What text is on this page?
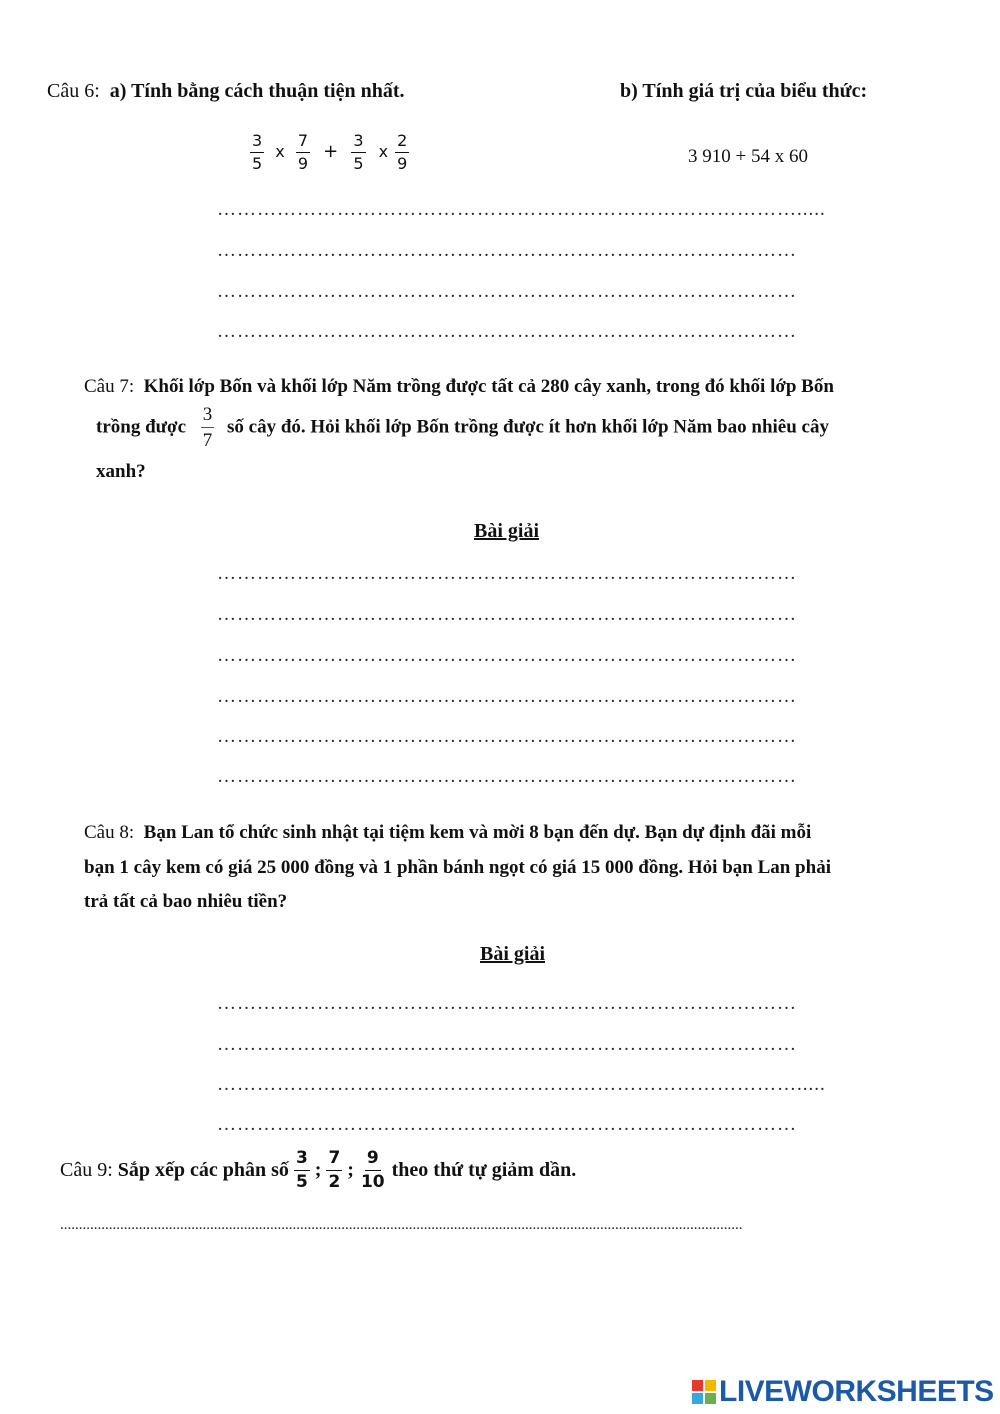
Câu 6: a) Tính bằng cách thuận tiện nhất.	b) Tính giá trị của biểu thức:
$\frac{3}{5}$ x $\frac{7}{9} + \frac{3}{5}$ x $\frac{2}{9}$	3 910 + 54 x 60
…………………………………………………………………………….....
……………………………………………………………………………
……………………………………………………………………………
……………………………………………………………………………
Câu 7: Khối lớp Bốn và khối lớp Năm trồng được tất cả 280 cây xanh, trong đó khối lớp Bốn
trồng được $\frac{3}{7}$ số cây đó. Hỏi khối lớp Bốn trồng được ít hơn khối lớp Năm bao nhiêu cây
xanh?
Bài giải
……………………………………………………………………………
……………………………………………………………………………
……………………………………………………………………………
……………………………………………………………………………
……………………………………………………………………………
……………………………………………………………………………
Câu 8: Bạn Lan tổ chức sinh nhật tại tiệm kem và mời 8 bạn đến dự. Bạn dự định đãi mỗi
bạn 1 cây kem có giá 25 000 đồng và 1 phần bánh ngọt có giá 15 000 đồng. Hỏi bạn Lan phải
trả tất cả bao nhiêu tiền?
Bài giải
……………………………………………………………………………
……………………………………………………………………………
…………………………………………………………………………….....
……………………………………………………………………………
Câu 9: Sắp xếp các phân số $\frac{3}{5}$ ; $\frac{7}{2}$ ; $\frac{9}{10}$ theo thứ tự giảm dần.
......................................................................................................................................................................................
LIVEWORKSHEETS
